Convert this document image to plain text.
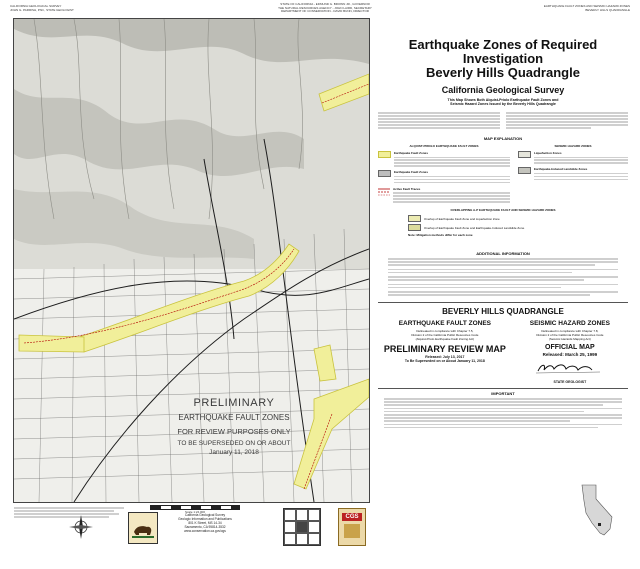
CALIFORNIA GEOLOGICAL SURVEY
JOHN G. PARRISH, PhD., STATE GEOLOGIST
STATE OF CALIFORNIA - EDMUND G. BROWN JR., GOVERNOR
THE NATURAL RESOURCES AGENCY - JOHN LAIRD, SECRETARY
DEPARTMENT OF CONSERVATION - DAVID BUNN, DIRECTOR
EARTHQUAKE FAULT ZONES AND SEISMIC HAZARD ZONES
BEVERLY HILLS QUADRANGLE
PRELIMINARY
EARTHQUAKE FAULT ZONES
FOR REVIEW PURPOSES ONLY
TO BE SUPERSEDED ON OR ABOUT
January 11, 2018
Scale 1:24,000
California Geological Survey
Geologic Information and Publications
801 K Street, MS 14-34
Sacramento, CA 95814-3532
www.conservation.ca.gov/cgs
CGS
Earthquake Zones of Required Investigation
Beverly Hills Quadrangle
California Geological Survey
This Map Shows Both Alquist-Priolo Earthquake Fault Zones and
Seismic Hazard Zones Issued by the Beverly Hills Quadrangle
MAP EXPLANATION
ALQUIST-PRIOLO EARTHQUAKE FAULT ZONES
Earthquake Fault Zones
Earthquake Fault Zones
Active Fault Traces
SEISMIC HAZARD ZONES
Liquefaction Zones
Earthquake-Induced Landslide Zones
OVERLAPPING A-P EARTHQUAKE FAULT AND SEISMIC HAZARD ZONES
Overlap of Earthquake Fault Zone and Liquefaction Zone
Overlap of Earthquake Fault Zone and Earthquake-Induced Landslide Zone
Note: Mitigation methods differ for each zone
ADDITIONAL INFORMATION
BEVERLY HILLS QUADRANGLE
EARTHQUAKE FAULT ZONES
Delineated in compliance with Chapter 7.5,
Division 2 of the California Public Resources Code
(Alquist-Priolo Earthquake Fault Zoning Act)
PRELIMINARY REVIEW MAP
Released: July 13, 2017
To Be Superseded on or About January 11, 2018
SEISMIC HAZARD ZONES
Delineated in compliance with Chapter 7.8,
Division 2 of the California Public Resources Code
(Seismic Hazards Mapping Act)
OFFICIAL MAP
Released: March 25, 1999
STATE GEOLOGIST
IMPORTANT
